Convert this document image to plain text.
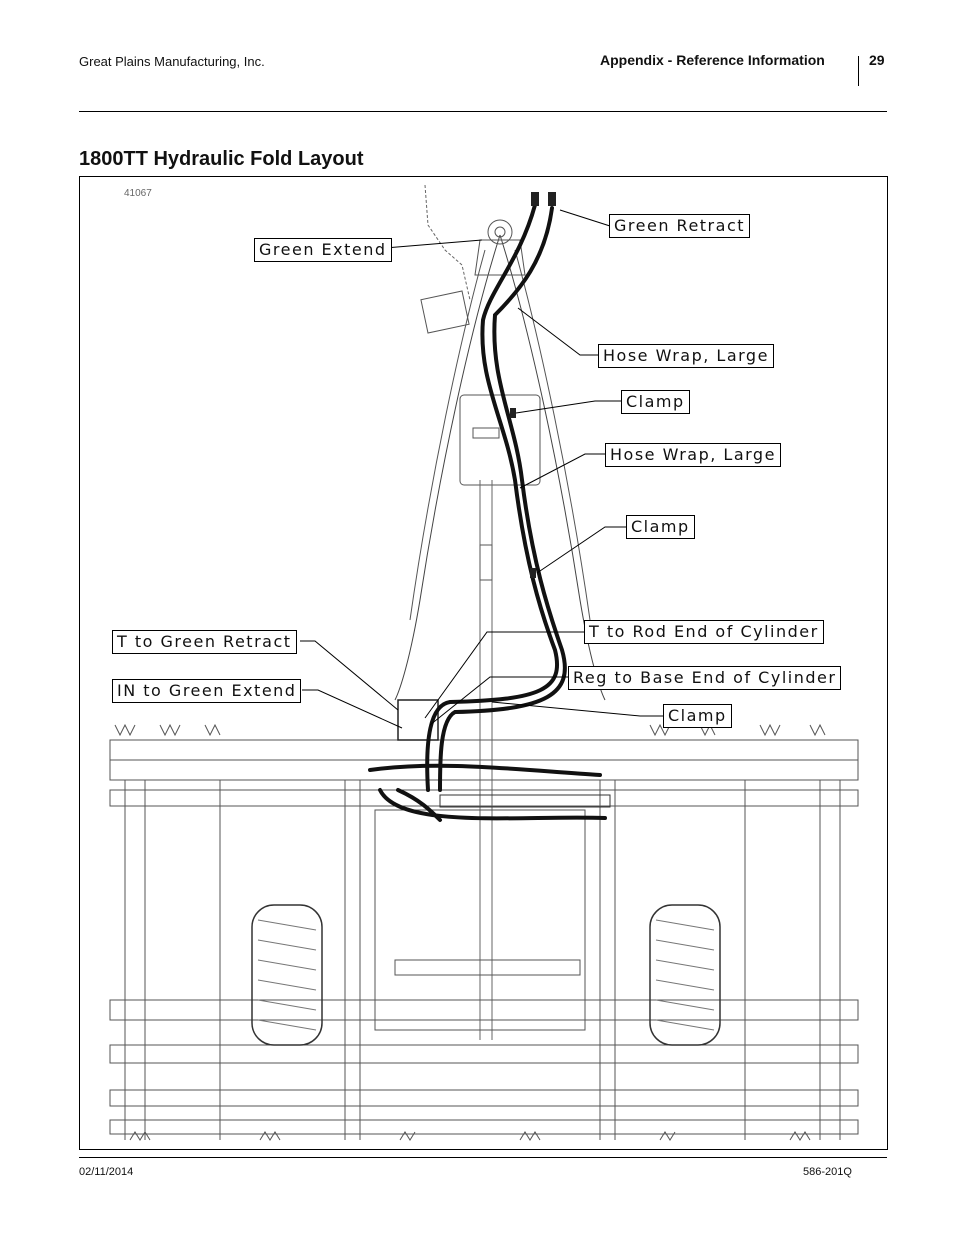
Great Plains Manufacturing, Inc.	Appendix - Reference Information	29
1800TT Hydraulic Fold Layout
41067
Green Extend
Green Retract
Hose Wrap, Large
Clamp
Hose Wrap, Large
Clamp
T to Rod End of Cylinder
T to Green Retract
Reg to Base End of Cylinder
IN to Green Extend
Clamp
02/11/2014	586-201Q
